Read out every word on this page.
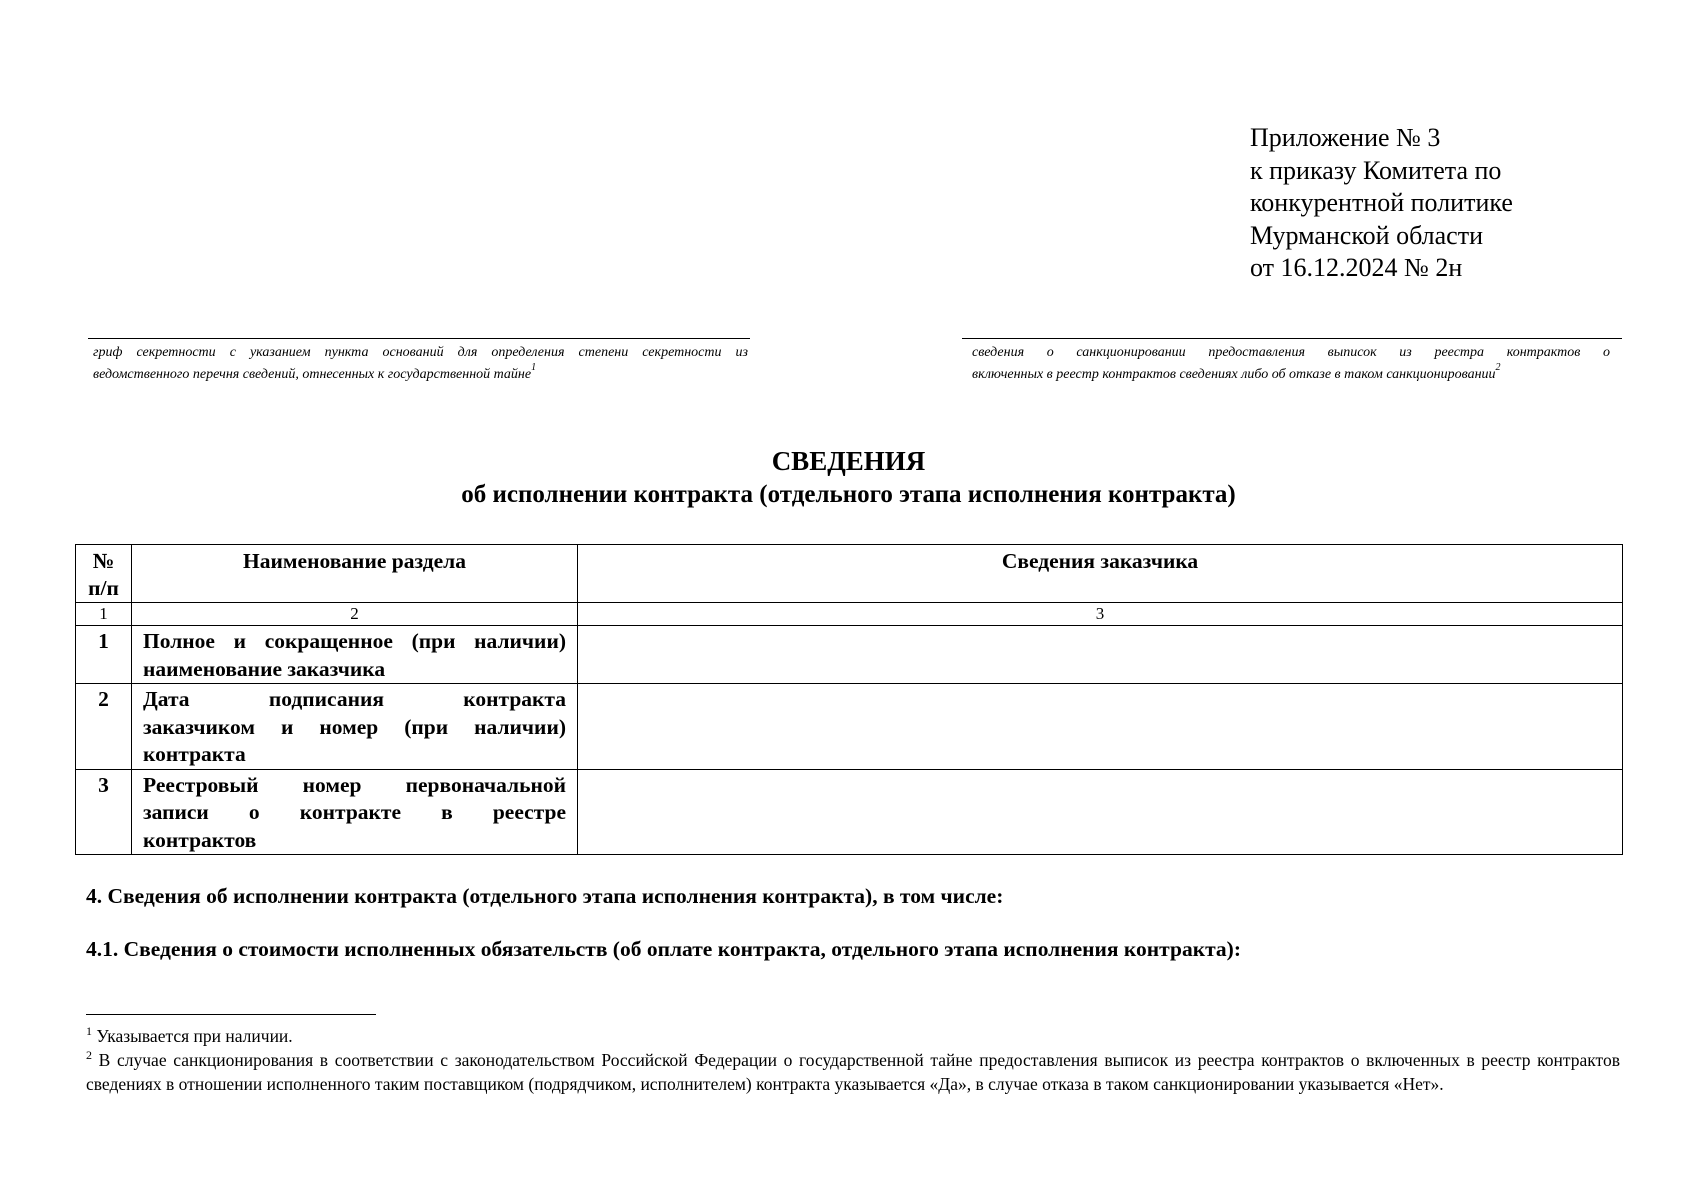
Приложение № 3
к приказу Комитета по
конкурентной политике
Мурманской области
от 16.12.2024 № 2н
гриф секретности с указанием пункта оснований для определения степени секретности из
ведомственного перечня сведений, отнесенных к государственной тайне$^1$
сведения о санкционировании предоставления выписок из реестра контрактов о
включенных в реестр контрактов сведениях либо об отказе в таком санкционировании$^2$
СВЕДЕНИЯ
об исполнении контракта (отдельного этапа исполнения контракта)
№
п/п	Наименование раздела	Сведения заказчика
1	2	3
1	Полное и сокращенное (при наличии)
наименование заказчика	
2	Дата подписания контракта
заказчиком и номер (при наличии)
контракта	
3	Реестровый номер первоначальной
записи о контракте в реестре
контрактов	
4. Сведения об исполнении контракта (отдельного этапа исполнения контракта), в том числе:
4.1. Сведения о стоимости исполненных обязательств (об оплате контракта, отдельного этапа исполнения контракта):
$^1$ Указывается при наличии.
$^2$ В случае санкционирования в соответствии с законодательством Российской Федерации о государственной тайне предоставления выписок из реестра контрактов о включенных в реестр контрактов сведениях в отношении исполненного таким поставщиком (подрядчиком, исполнителем) контракта указывается «Да», в случае отказа в таком санкционировании указывается «Нет».
